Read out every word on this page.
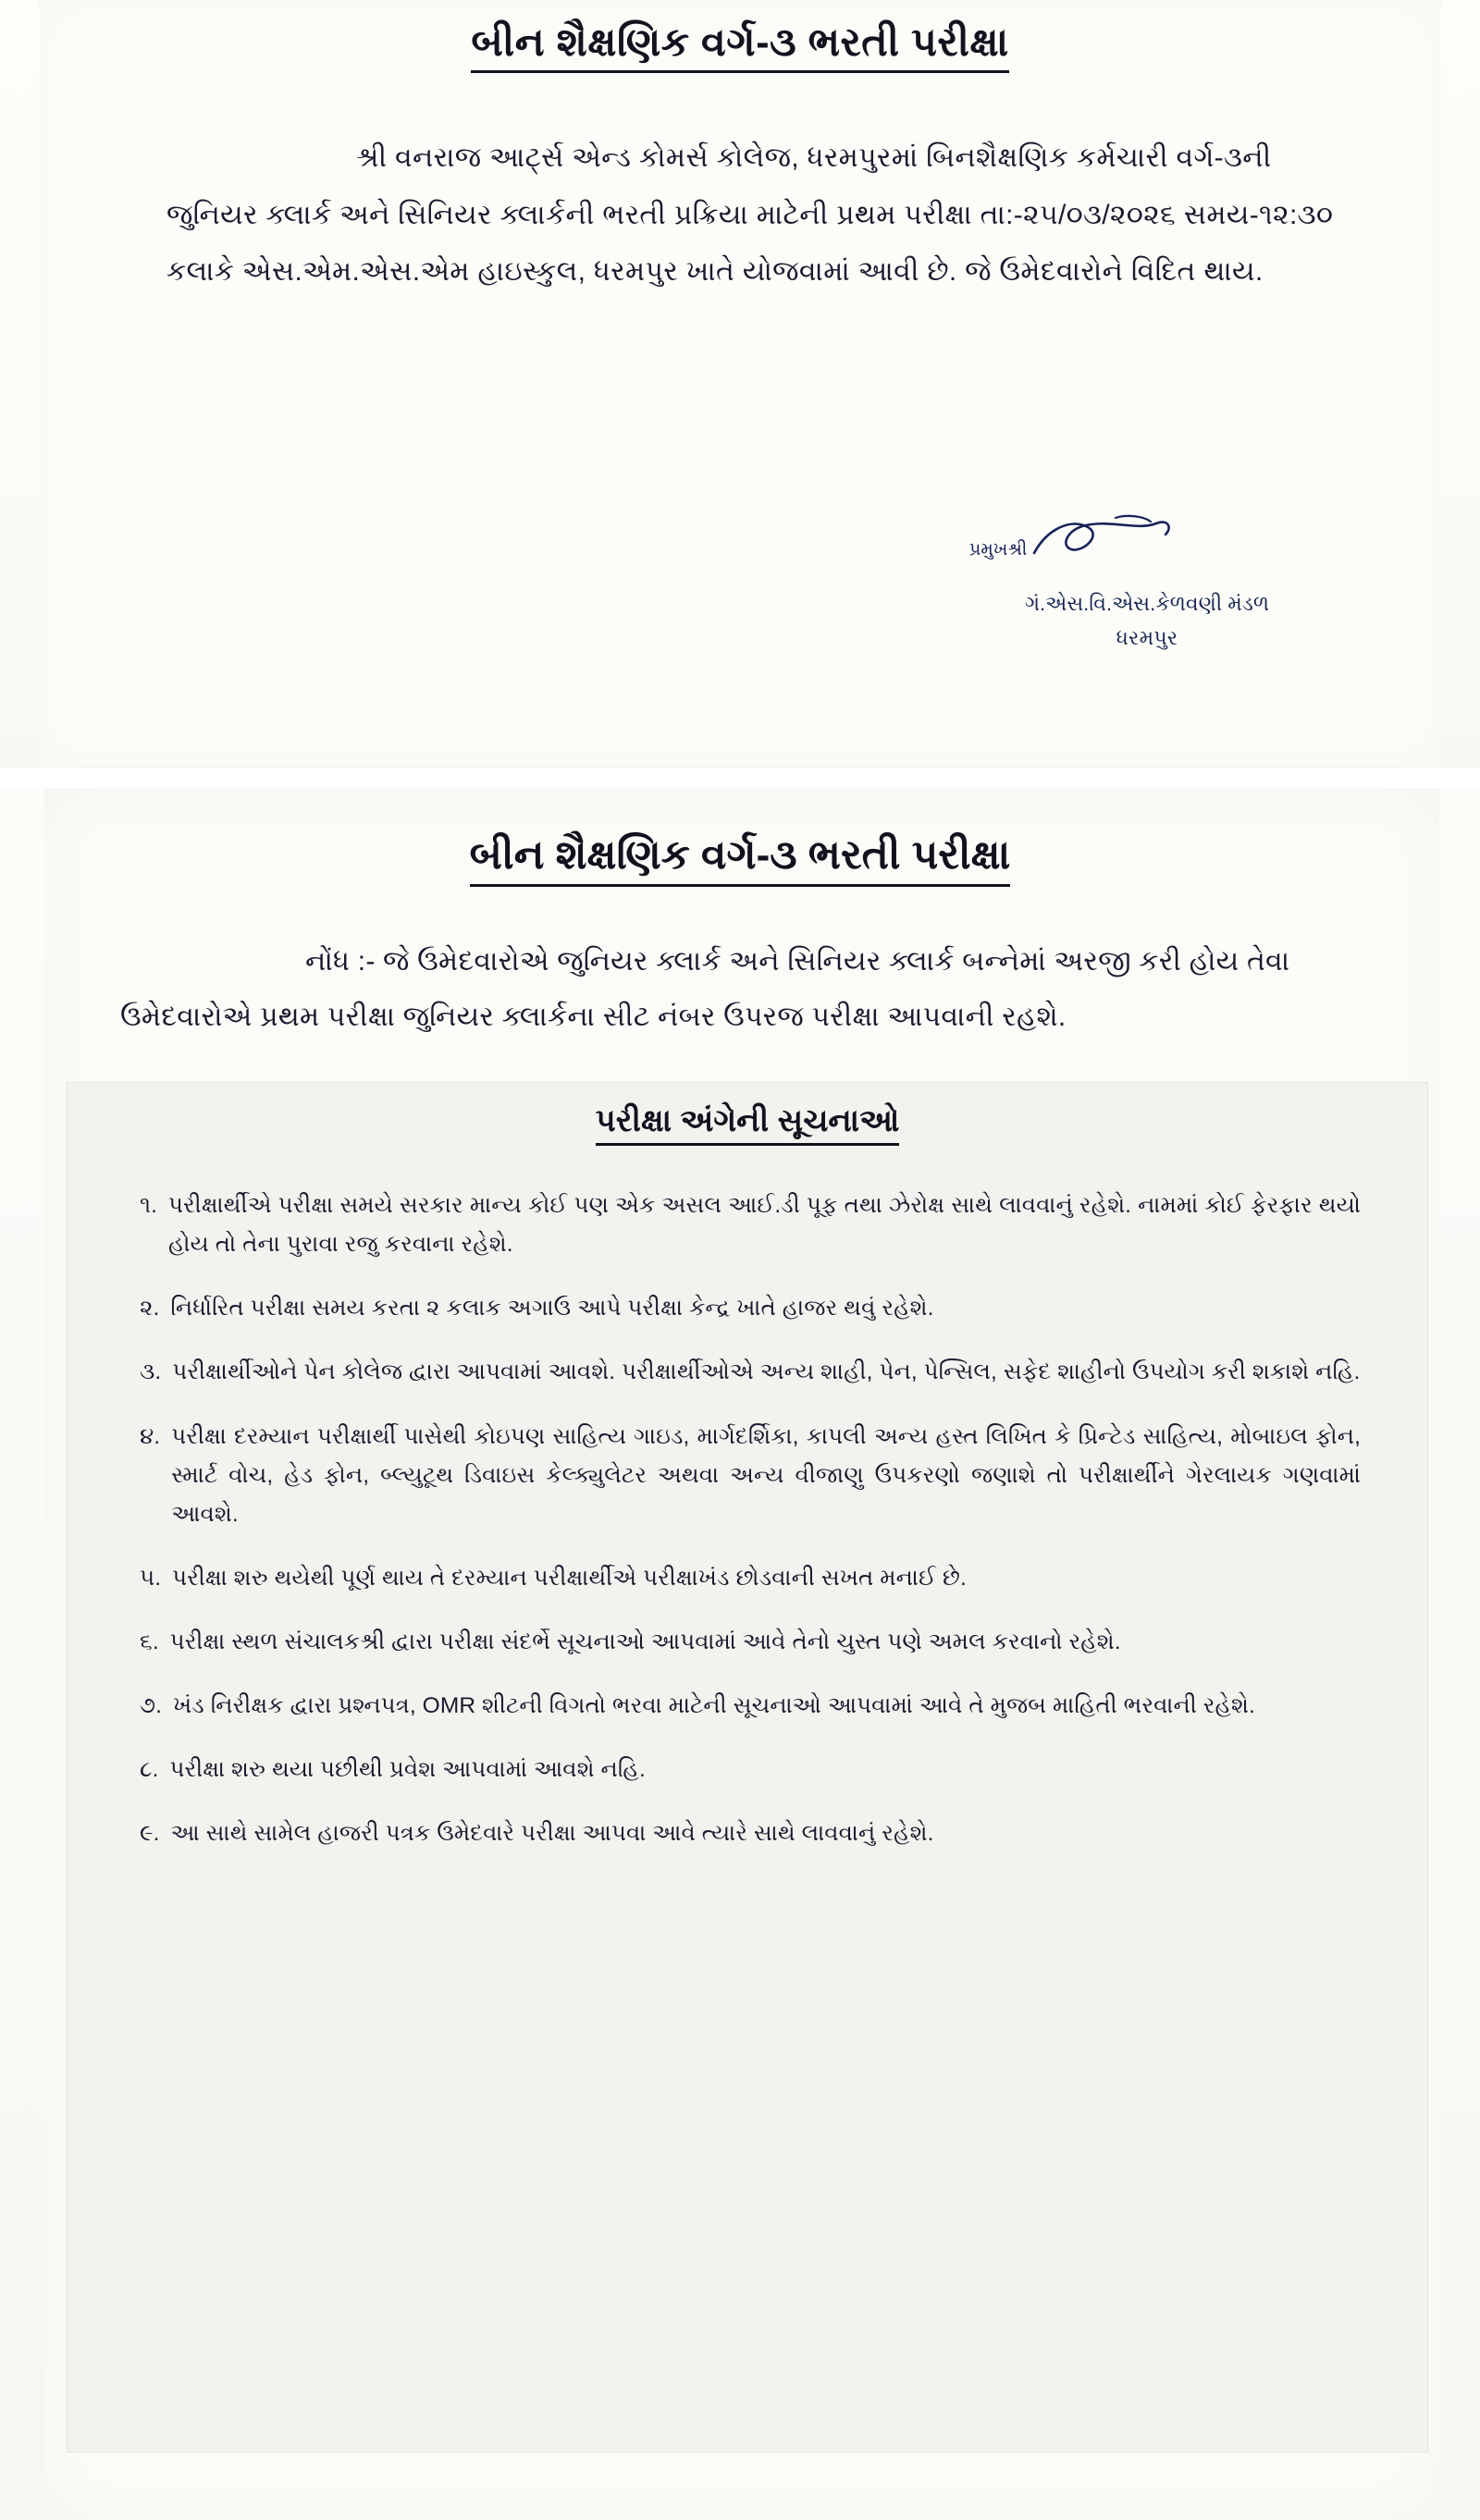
બીન શૈક્ષણિક વર્ગ-૩ ભરતી પરીક્ષા
શ્રી વનરાજ આર્ટ્સ એન્ડ કોમર્સ કોલેજ, ધરમપુરમાં બિનશૈક્ષણિક કર્મચારી વર્ગ-૩ની જુનિયર ક્લાર્ક અને સિનિયર ક્લાર્કની ભરતી પ્રક્રિયા માટેની પ્રથમ પરીક્ષા તા:-૨૫/૦૩/૨૦૨૬ સમય-૧૨:૩૦ કલાકે એસ.એમ.એસ.એમ હાઇસ્કુલ, ધરમપુર ખાતે યોજવામાં આવી છે. જે ઉમેદવારોને વિદિત થાય.
પ્રમુખશ્રી
ગં.એસ.વિ.એસ.કેળવણી મંડળ
ધરમપુર
બીન શૈક્ષણિક વર્ગ-૩ ભરતી પરીક્ષા
નોંધ :- જે ઉમેદવારોએ જુનિયર ક્લાર્ક અને સિનિયર ક્લાર્ક બન્નેમાં અરજી કરી હોય તેવા ઉમેદવારોએ પ્રથમ પરીક્ષા જુનિયર ક્લાર્કના સીટ નંબર ઉપરજ પરીક્ષા આપવાની રહશે.
પરીક્ષા અંગેની સૂચનાઓ
૧. પરીક્ષાર્થીએ પરીક્ષા સમયે સરકાર માન્ય કોઈ પણ એક અસલ આઈ.ડી પૂફ તથા ઝેરોક્ષ સાથે લાવવાનું રહેશે. નામમાં કોઈ ફેરફાર થયો હોય તો તેના પુરાવા રજુ કરવાના રહેશે.
૨. નિર્ધારિત પરીક્ષા સમય કરતા ૨ કલાક અગાઉ આપે પરીક્ષા કેન્દ્ર ખાતે હાજર થવું રહેશે.
૩. પરીક્ષાર્થીઓને પેન કોલેજ દ્વારા આપવામાં આવશે. પરીક્ષાર્થીઓએ અન્ય શાહી, પેન, પેન્સિલ, સફેદ શાહીનો ઉપયોગ કરી શકાશે નહિ.
૪. પરીક્ષા દરમ્યાન પરીક્ષાર્થી પાસેથી કોઇપણ સાહિત્ય ગાઇડ, માર્ગદર્શિકા, કાપલી અન્ય હસ્ત લિખિત કે પ્રિન્ટેડ સાહિત્ય, મોબાઇલ ફોન, સ્માર્ટ વોચ, હેડ ફોન, બ્લ્યુટૂથ ડિવાઇસ કેલ્ક્યુલેટર અથવા અન્ય વીજાણુ ઉપકરણો જણાશે તો પરીક્ષાર્થીને ગેરલાયક ગણવામાં આવશે.
૫. પરીક્ષા શરુ થયેથી પૂર્ણ થાય તે દરમ્યાન પરીક્ષાર્થીએ પરીક્ષાખંડ છોડવાની સખત મનાઈ છે.
૬. પરીક્ષા સ્થળ સંચાલકશ્રી દ્વારા પરીક્ષા સંદર્ભે સૂચનાઓ આપવામાં આવે તેનો ચુસ્ત પણે અમલ કરવાનો રહેશે.
૭. ખંડ નિરીક્ષક દ્વારા પ્રશ્નપત્ર, OMR શીટની વિગતો ભરવા માટેની સૂચનાઓ આપવામાં આવે તે મુજબ માહિતી ભરવાની રહેશે.
૮. પરીક્ષા શરુ થયા પછીથી પ્રવેશ આપવામાં આવશે નહિ.
૯. આ સાથે સામેલ હાજરી પત્રક ઉમેદવારે પરીક્ષા આપવા આવે ત્યારે સાથે લાવવાનું રહેશે.
